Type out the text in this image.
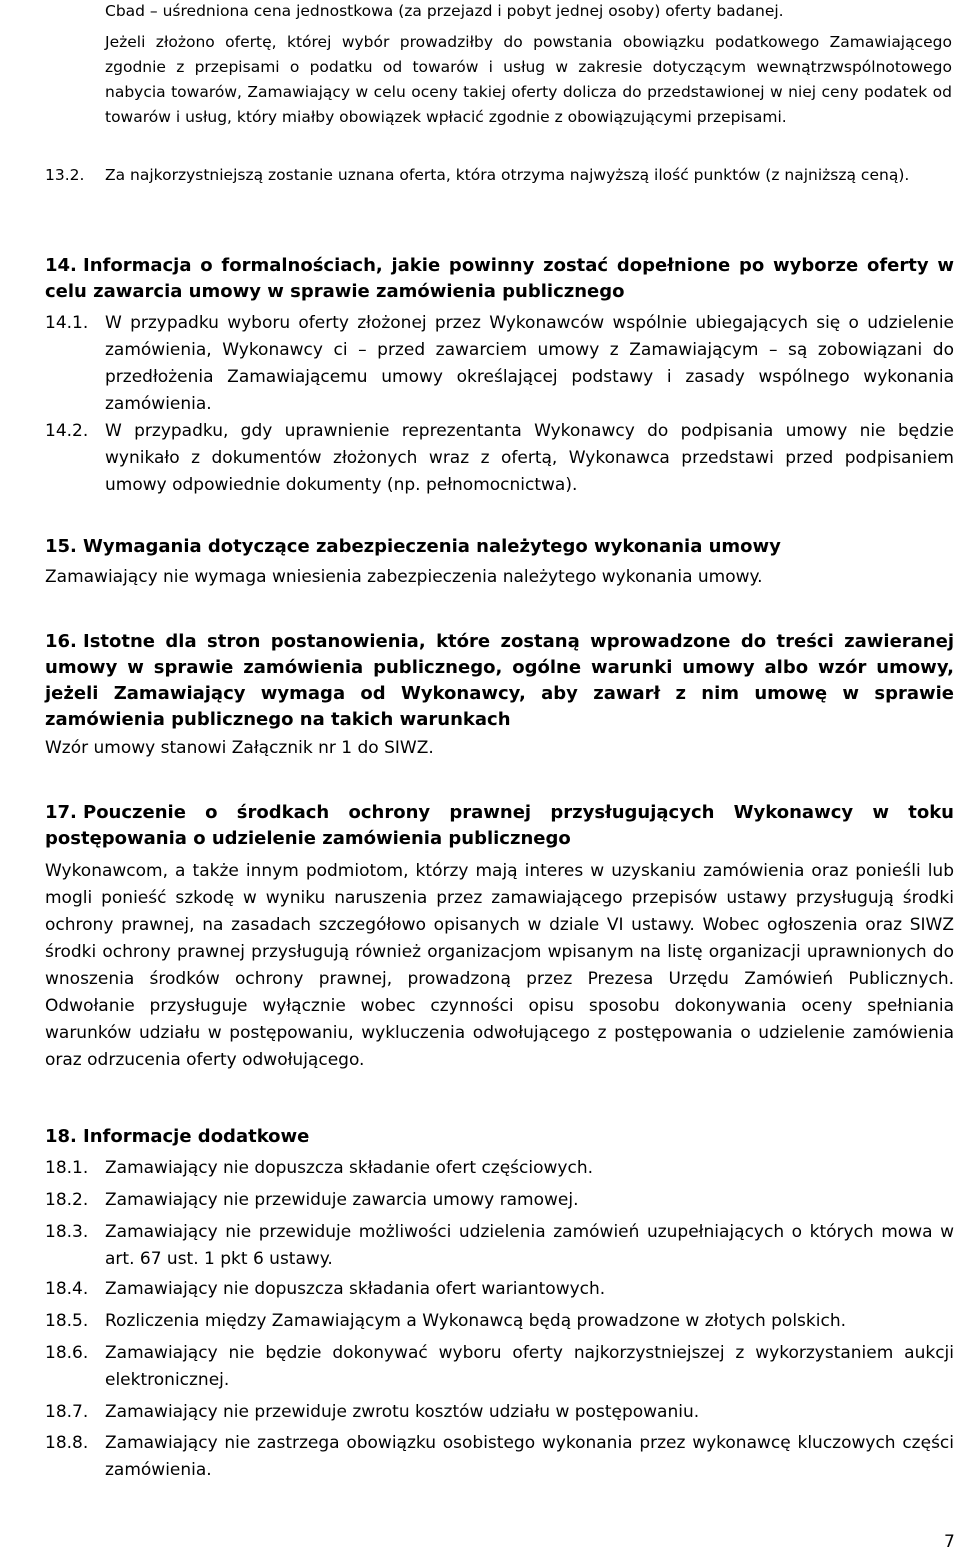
Cbad – uśredniona cena jednostkowa (za przejazd i pobyt jednej osoby) oferty badanej.

Jeżeli złożono ofertę, której wybór prowadziłby do powstania obowiązku podatkowego Zamawiającego zgodnie z przepisami o podatku od towarów i usług w zakresie dotyczącym wewnątrzwspólnotowego nabycia towarów, Zamawiający w celu oceny takiej oferty dolicza do przedstawionej w niej ceny podatek od towarów i usług, który miałby obowiązek wpłacić zgodnie z obowiązującymi przepisami.

13.2. Za najkorzystniejszą zostanie uznana oferta, która otrzyma najwyższą ilość punktów (z najniższą ceną).
14. Informacja o formalnościach, jakie powinny zostać dopełnione po wyborze oferty w celu zawarcia umowy w sprawie zamówienia publicznego
14.1. W przypadku wyboru oferty złożonej przez Wykonawców wspólnie ubiegających się o udzielenie zamówienia, Wykonawcy ci – przed zawarciem umowy z Zamawiającym – są zobowiązani do przedłożenia Zamawiającemu umowy określającej podstawy i zasady wspólnego wykonania zamówienia.
14.2. W przypadku, gdy uprawnienie reprezentanta Wykonawcy do podpisania umowy nie będzie wynikało z dokumentów złożonych wraz z ofertą, Wykonawca przedstawi przed podpisaniem umowy odpowiednie dokumenty (np. pełnomocnictwa).
15. Wymagania dotyczące zabezpieczenia należytego wykonania umowy

Zamawiający nie wymaga wniesienia zabezpieczenia należytego wykonania umowy.

16. Istotne dla stron postanowienia, które zostaną wprowadzone do treści zawieranej umowy w sprawie zamówienia publicznego, ogólne warunki umowy albo wzór umowy, jeżeli Zamawiający wymaga od Wykonawcy, aby zawarł z nim umowę w sprawie zamówienia publicznego na takich warunkach

Wzór umowy stanowi Załącznik nr 1 do SIWZ.

17. Pouczenie o środkach ochrony prawnej przysługujących Wykonawcy w toku postępowania o udzielenie zamówienia publicznego

Wykonawcom, a także innym podmiotom, którzy mają interes w uzyskaniu zamówienia oraz ponieśli lub mogli ponieść szkodę w wyniku naruszenia przez zamawiającego przepisów ustawy przysługują środki ochrony prawnej, na zasadach szczegółowo opisanych w dziale VI ustawy. Wobec ogłoszenia oraz SIWZ środki ochrony prawnej przysługują również organizacjom wpisanym na listę organizacji uprawnionych do wnoszenia środków ochrony prawnej, prowadzoną przez Prezesa Urzędu Zamówień Publicznych. Odwołanie przysługuje wyłącznie wobec czynności opisu sposobu dokonywania oceny spełniania warunków udziału w postępowaniu, wykluczenia odwołującego z postępowania o udzielenie zamówienia oraz odrzucenia oferty odwołującego.

18. Informacje dodatkowe
18.1. Zamawiający nie dopuszcza składanie ofert częściowych.
18.2. Zamawiający nie przewiduje zawarcia umowy ramowej.
18.3. Zamawiający nie przewiduje możliwości udzielenia zamówień uzupełniających o których mowa w art. 67 ust. 1 pkt 6 ustawy.
18.4. Zamawiający nie dopuszcza składania ofert wariantowych.
18.5. Rozliczenia między Zamawiającym a Wykonawcą będą prowadzone w złotych polskich.
18.6. Zamawiający nie będzie dokonywać wyboru oferty najkorzystniejszej z wykorzystaniem aukcji elektronicznej.
18.7. Zamawiający nie przewiduje zwrotu kosztów udziału w postępowaniu.
18.8. Zamawiający nie zastrzega obowiązku osobistego wykonania przez wykonawcę kluczowych części zamówienia.
7
